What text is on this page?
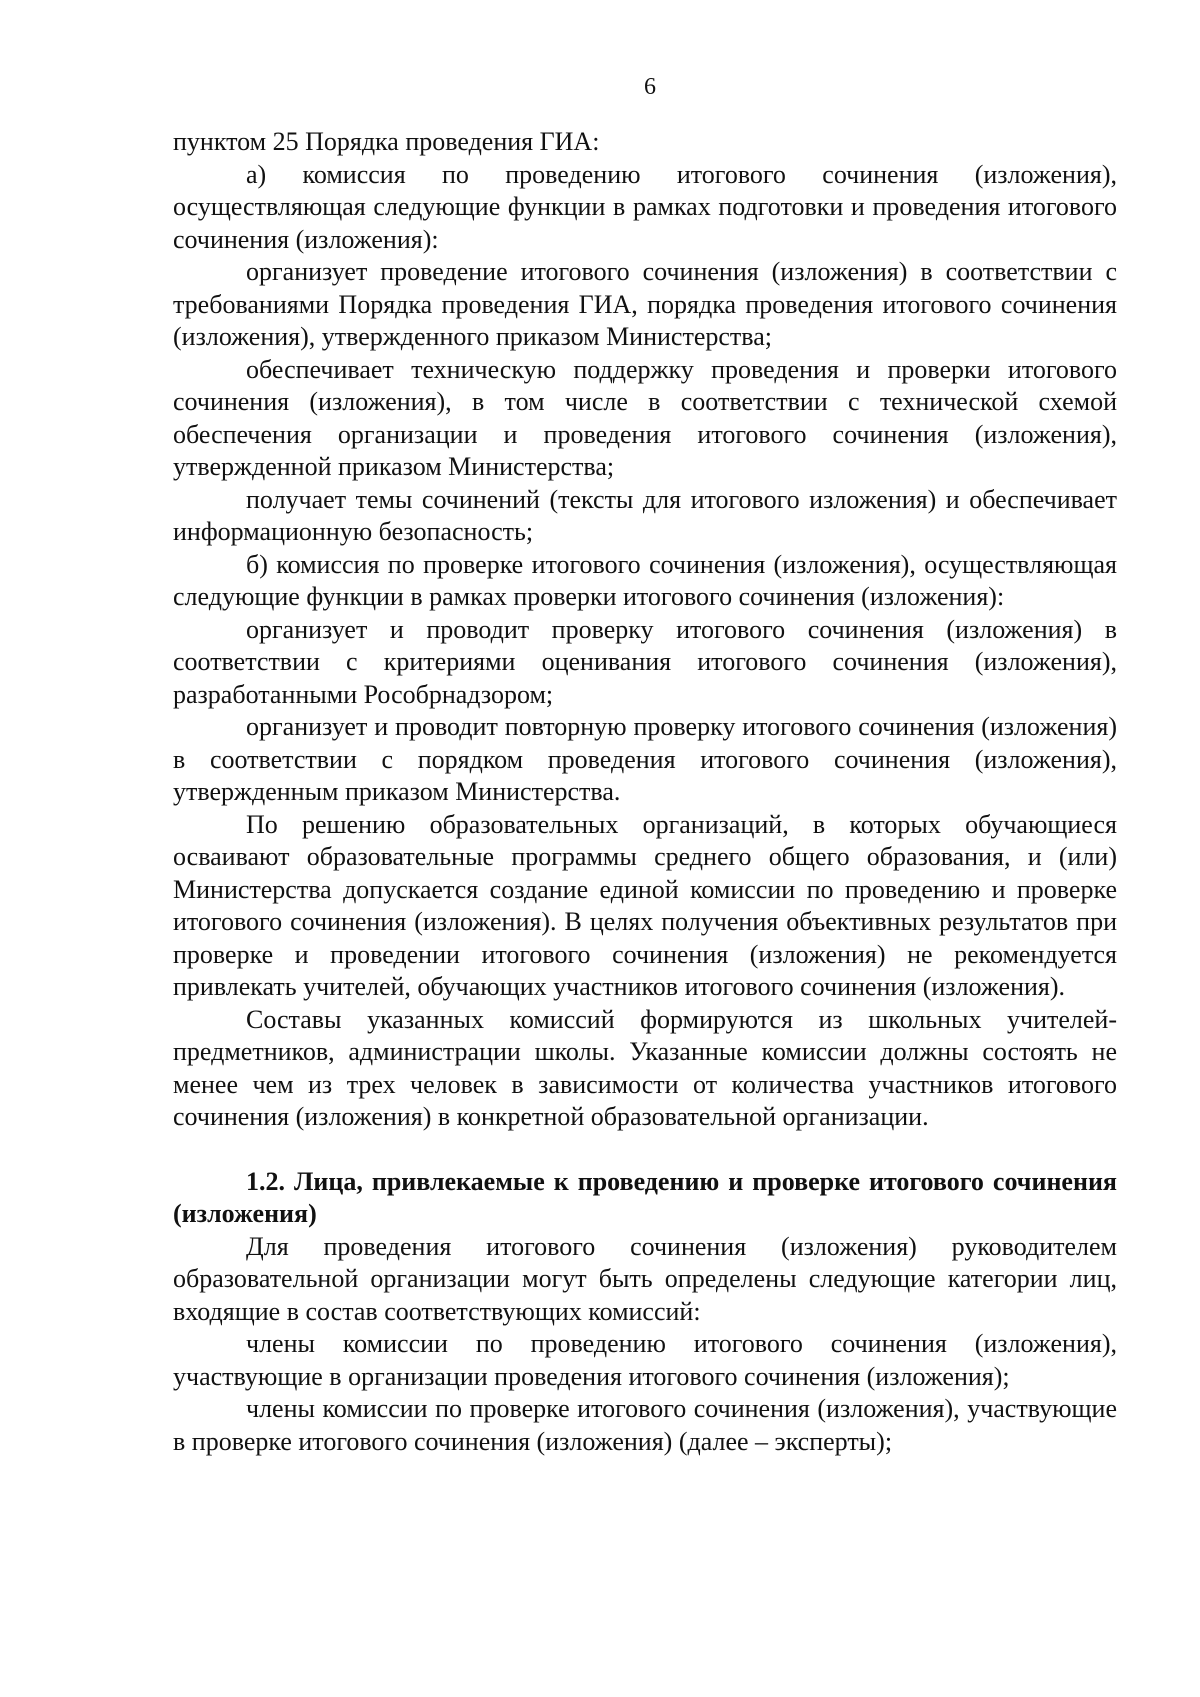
6

пунктом 25 Порядка проведения ГИА:

а) комиссия по проведению итогового сочинения (изложения), осуществляющая следующие функции в рамках подготовки и проведения итогового сочинения (изложения):

организует проведение итогового сочинения (изложения) в соответствии с требованиями Порядка проведения ГИА, порядка проведения итогового сочинения (изложения), утвержденного приказом Министерства;

обеспечивает техническую поддержку проведения и проверки итогового сочинения (изложения), в том числе в соответствии с технической схемой обеспечения организации и проведения итогового сочинения (изложения), утвержденной приказом Министерства;

получает темы сочинений (тексты для итогового изложения) и обеспечивает информационную безопасность;

б) комиссия по проверке итогового сочинения (изложения), осуществляющая следующие функции в рамках проверки итогового сочинения (изложения):

организует и проводит проверку итогового сочинения (изложения) в соответствии с критериями оценивания итогового сочинения (изложения), разработанными Рособрнадзором;

организует и проводит повторную проверку итогового сочинения (изложения) в соответствии с порядком проведения итогового сочинения (изложения), утвержденным приказом Министерства.

По решению образовательных организаций, в которых обучающиеся осваивают образовательные программы среднего общего образования, и (или) Министерства допускается создание единой комиссии по проведению и проверке итогового сочинения (изложения). В целях получения объективных результатов при проверке и проведении итогового сочинения (изложения) не рекомендуется привлекать учителей, обучающих участников итогового сочинения (изложения).

Составы указанных комиссий формируются из школьных учителей-предметников, администрации школы. Указанные комиссии должны состоять не менее чем из трех человек в зависимости от количества участников итогового сочинения (изложения) в конкретной образовательной организации.

1.2. Лица, привлекаемые к проведению и проверке итогового сочинения (изложения)

Для проведения итогового сочинения (изложения) руководителем образовательной организации могут быть определены следующие категории лиц, входящие в состав соответствующих комиссий:

члены комиссии по проведению итогового сочинения (изложения), участвующие в организации проведения итогового сочинения (изложения);

члены комиссии по проверке итогового сочинения (изложения), участвующие в проверке итогового сочинения (изложения) (далее – эксперты);
